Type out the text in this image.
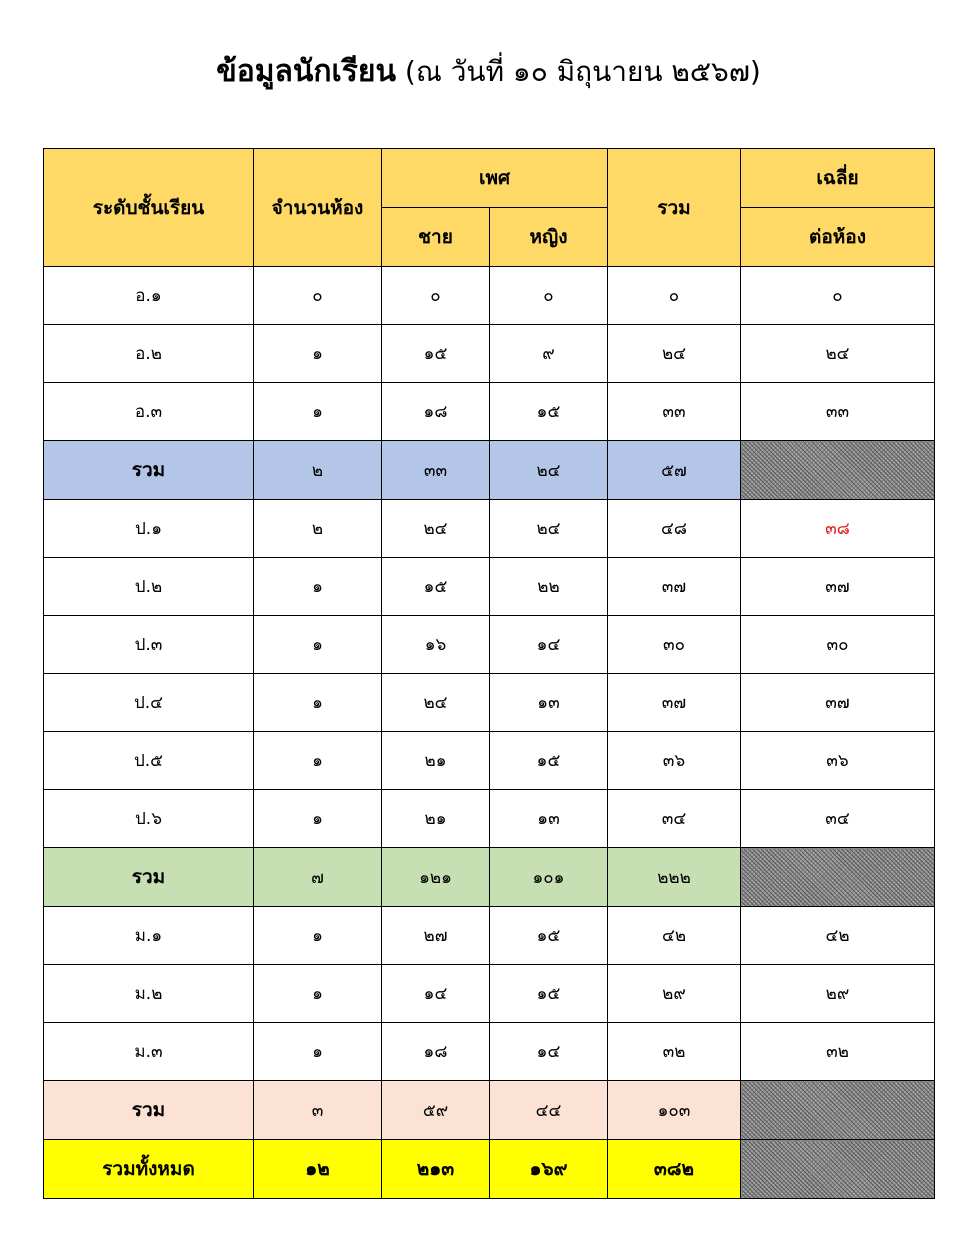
ข้อมูลนักเรียน (ณ วันที่ ๑๐ มิถุนายน ๒๕๖๗)
ระดับชั้นเรียน	จำนวนห้อง	เพศ		รวม	เฉลี่ย
		ชาย	หญิง		ต่อห้อง
อ.๑	๐	๐	๐	๐	๐
อ.๒	๑	๑๕	๙	๒๔	๒๔
อ.๓	๑	๑๘	๑๕	๓๓	๓๓
รวม	๒	๓๓	๒๔	๕๗	
ป.๑	๒	๒๔	๒๔	๔๘	๓๘
ป.๒	๑	๑๕	๒๒	๓๗	๓๗
ป.๓	๑	๑๖	๑๔	๓๐	๓๐
ป.๔	๑	๒๔	๑๓	๓๗	๓๗
ป.๕	๑	๒๑	๑๕	๓๖	๓๖
ป.๖	๑	๒๑	๑๓	๓๔	๓๔
รวม	๗	๑๒๑	๑๐๑	๒๒๒	
ม.๑	๑	๒๗	๑๕	๔๒	๔๒
ม.๒	๑	๑๔	๑๕	๒๙	๒๙
ม.๓	๑	๑๘	๑๔	๓๒	๓๒
รวม	๓	๕๙	๔๔	๑๐๓	
รวมทั้งหมด	๑๒	๒๑๓	๑๖๙	๓๘๒	
